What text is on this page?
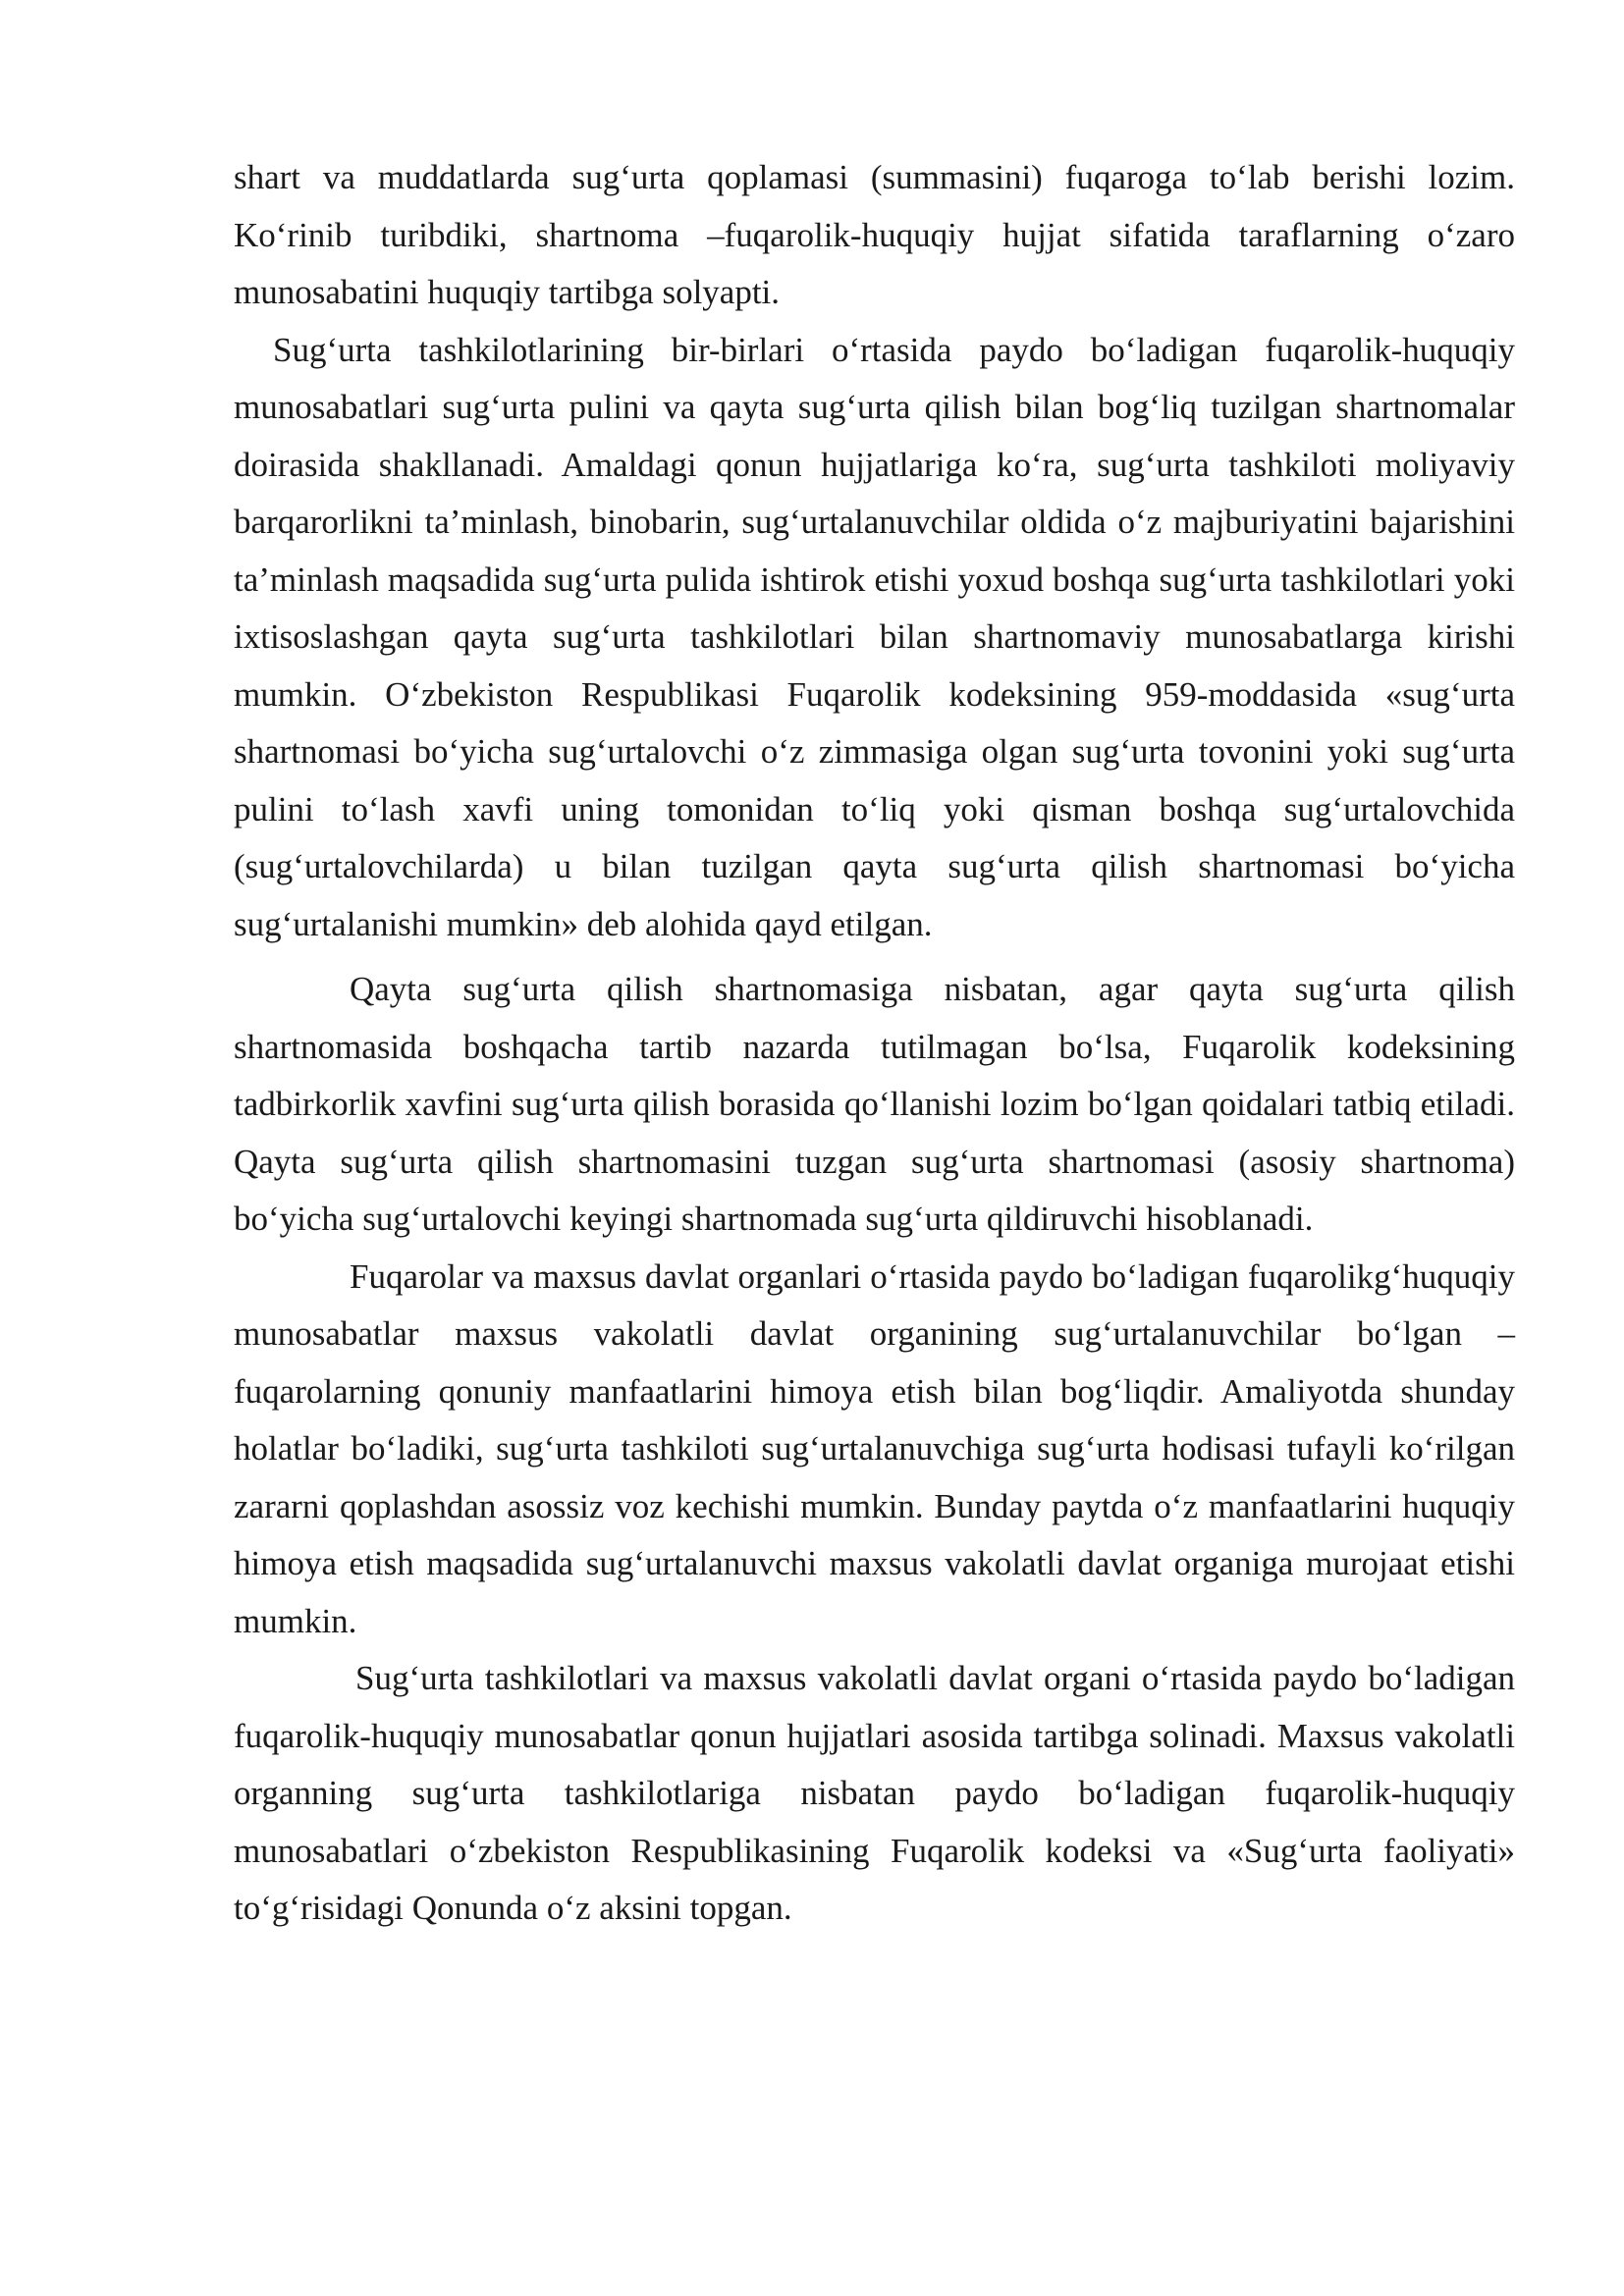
shart va muddatlarda sug‘urta qoplamasi (summasini) fuqaroga to‘lab berishi lozim. Ko‘rinib turibdiki, shartnoma –fuqarolik-huquqiy hujjat sifatida taraflarning o‘zaro munosabatini huquqiy tartibga solyapti.

Sug‘urta tashkilotlarining bir-birlari o‘rtasida paydo bo‘ladigan fuqarolik-huquqiy munosabatlari sug‘urta pulini va qayta sug‘urta qilish bilan bog‘liq tuzilgan shartnomalar doirasida shakllanadi. Amaldagi qonun hujjatlariga ko‘ra, sug‘urta tashkiloti moliyaviy barqarorlikni ta’minlash, binobarin, sug‘urtalanuvchilar oldida o‘z majburiyatini bajarishini ta’minlash maqsadida sug‘urta pulida ishtirok etishi yoxud boshqa sug‘urta tashkilotlari yoki ixtisoslashgan qayta sug‘urta tashkilotlari bilan shartnomaviy munosabatlarga kirishi mumkin. O‘zbekiston Respublikasi Fuqarolik kodeksining 959-moddasida «sug‘urta shartnomasi bo‘yicha sug‘urtalovchi o‘z zimmasiga olgan sug‘urta tovonini yoki sug‘urta pulini to‘lash xavfi uning tomonidan to‘liq yoki qisman boshqa sug‘urtalovchida (sug‘urtalovchilarda) u bilan tuzilgan qayta sug‘urta qilish shartnomasi bo‘yicha sug‘urtalanishi mumkin» deb alohida qayd etilgan.

Qayta sug‘urta qilish shartnomasiga nisbatan, agar qayta sug‘urta qilish shartnomasida boshqacha tartib nazarda tutilmagan bo‘lsa, Fuqarolik kodeksining tadbirkorlik xavfini sug‘urta qilish borasida qo‘llanishi lozim bo‘lgan qoidalari tatbiq etiladi. Qayta sug‘urta qilish shartnomasini tuzgan sug‘urta shartnomasi (asosiy shartnoma) bo‘yicha sug‘urtalovchi keyingi shartnomada sug‘urta qildiruvchi hisoblanadi.

Fuqarolar va maxsus davlat organlari o‘rtasida paydo bo‘ladigan fuqarolikg‘huquqiy munosabatlar maxsus vakolatli davlat organining sug‘urtalanuvchilar bo‘lgan – fuqarolarning qonuniy manfaatlarini himoya etish bilan bog‘liqdir. Amaliyotda shunday holatlar bo‘ladiki, sug‘urta tashkiloti sug‘urtalanuvchiga sug‘urta hodisasi tufayli ko‘rilgan zararni qoplashdan asossiz voz kechishi mumkin. Bunday paytda o‘z manfaatlarini huquqiy himoya etish maqsadida sug‘urtalanuvchi maxsus vakolatli davlat organiga murojaat etishi mumkin.

Sug‘urta tashkilotlari va maxsus vakolatli davlat organi o‘rtasida paydo bo‘ladigan fuqarolik-huquqiy munosabatlar qonun hujjatlari asosida tartibga solinadi. Maxsus vakolatli organning sug‘urta tashkilotlariga nisbatan paydo bo‘ladigan fuqarolik-huquqiy munosabatlari o‘zbekiston Respublikasining Fuqarolik kodeksi va «Sug‘urta faoliyati» to‘g‘risidagi Qonunda o‘z aksini topgan.
